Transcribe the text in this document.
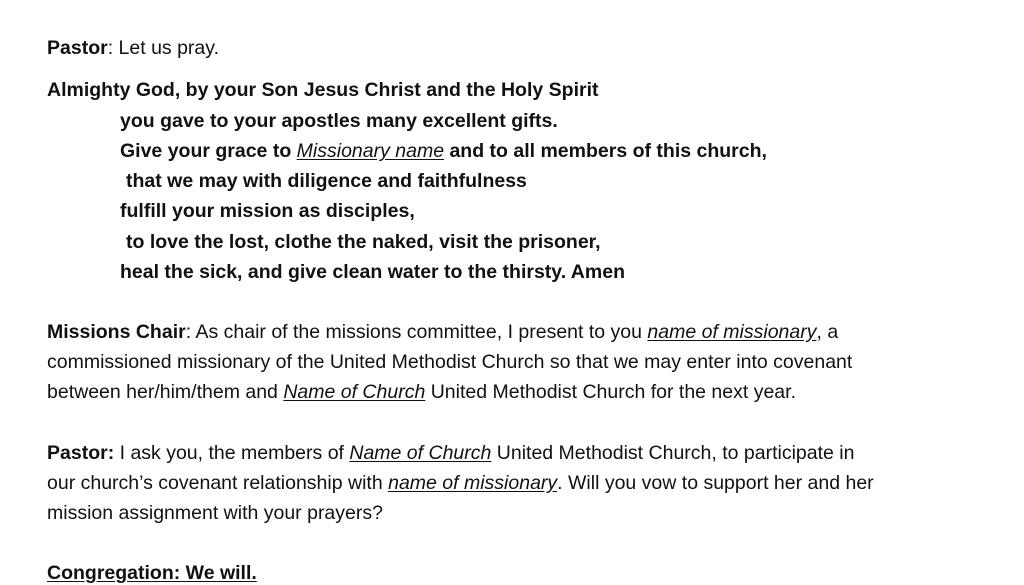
Pastor: Let us pray.
Almighty God, by your Son Jesus Christ and the Holy Spirit
you gave to your apostles many excellent gifts.
Give your grace to Missionary name and to all members of this church,
that we may with diligence and faithfulness
fulfill your mission as disciples,
to love the lost, clothe the naked, visit the prisoner,
heal the sick, and give clean water to the thirsty. Amen
Missions Chair: As chair of the missions committee, I present to you name of missionary, a
commissioned missionary of the United Methodist Church so that we may enter into covenant
between her/him/them and Name of Church United Methodist Church for the next year.
Pastor: I ask you, the members of Name of Church United Methodist Church, to participate in
our church’s covenant relationship with name of missionary. Will you vow to support her and her
mission assignment with your prayers?
Congregation: We will.
